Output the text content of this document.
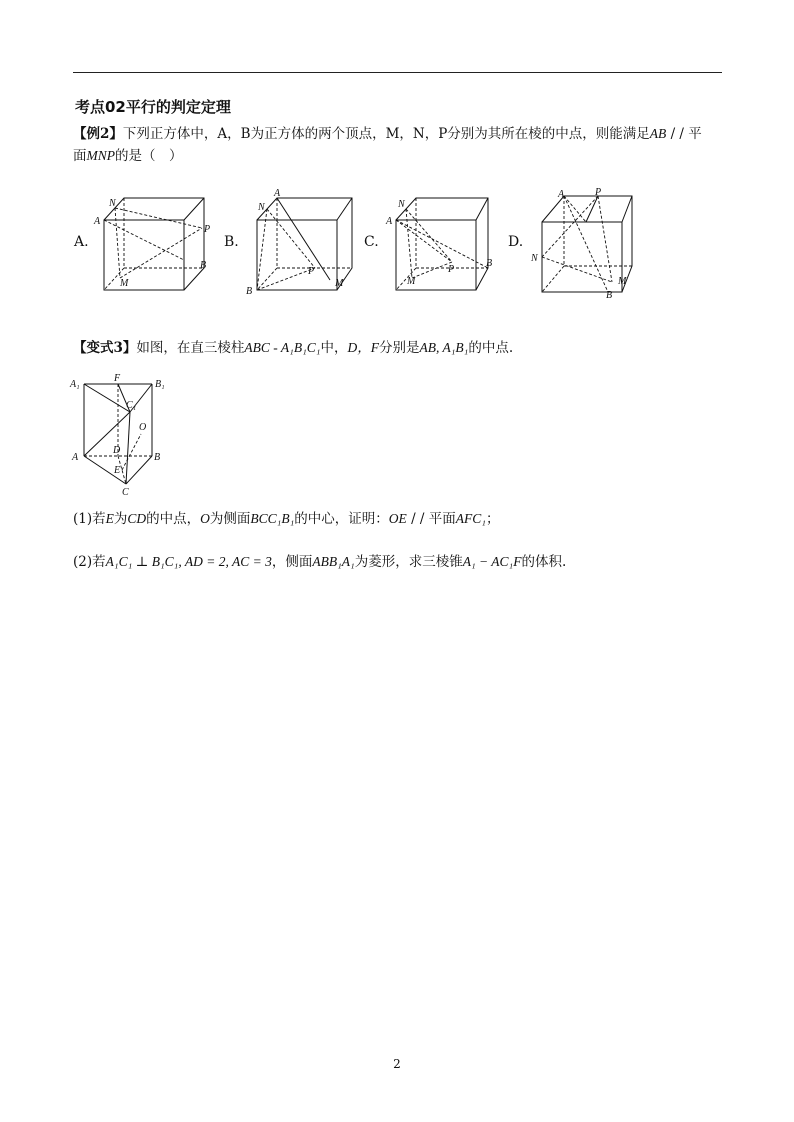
考点02平行的判定定理
【例2】下列正方体中，A，B为正方体的两个顶点，M，N，P分别为其所在棱的中点，则能满足AB / / 平
面MNP的是（　）
A.	B.	C.	D.
N
A
P
B
M
A
N
P
B
M
N
A
P
B
M
A	P
N
M
B
【变式3】如图，在直三棱柱ABC - A₁B₁C₁中，D，F分别是AB, A₁B₁的中点.
A₁
F
B₁
C₁
O
D
A
E
B
C
(1)若E为CD的中点，O为侧面BCC₁B₁的中心，证明：OE / / 平面AFC₁；
(2)若A₁C₁ ⊥ B₁C₁, AD = 2, AC = 3，侧面ABB₁A₁为菱形，求三棱锥A₁ − AC₁F的体积.
2
